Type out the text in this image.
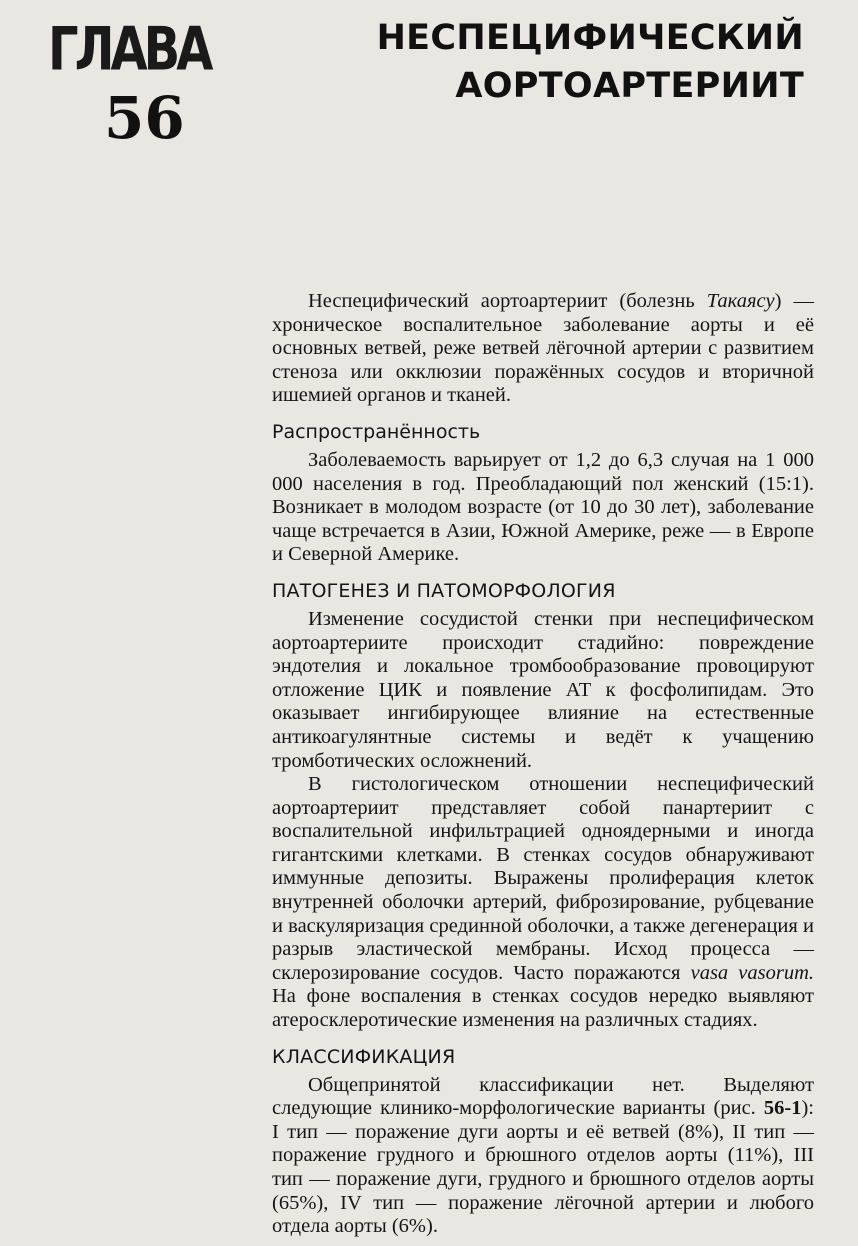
ГЛАВА
56
НЕСПЕЦИФИЧЕСКИЙ
АОРТОАРТЕРИИТ

Неспецифический аортоартериит (болезнь Такаясу) — хроническое воспалительное заболевание аорты и её основных ветвей, реже ветвей лёгочной артерии с развитием стеноза или окклюзии поражённых сосудов и вторичной ишемией органов и тканей.

Распространённость

Заболеваемость варьирует от 1,2 до 6,3 случая на 1 000 000 населения в год. Преобладающий пол женский (15:1). Возникает в молодом возрасте (от 10 до 30 лет), заболевание чаще встречается в Азии, Южной Америке, реже — в Европе и Северной Америке.

ПАТОГЕНЕЗ И ПАТОМОРФОЛОГИЯ

Изменение сосудистой стенки при неспецифическом аортоартериите происходит стадийно: повреждение эндотелия и локальное тромбообразование провоцируют отложение ЦИК и появление АТ к фосфолипидам. Это оказывает ингибирующее влияние на естественные антикоагулянтные системы и ведёт к учащению тромботических осложнений.

В гистологическом отношении неспецифический аортоартериит представляет собой панартериит с воспалительной инфильтрацией одноядерными и иногда гигантскими клетками. В стенках сосудов обнаруживают иммунные депозиты. Выражены пролиферация клеток внутренней оболочки артерий, фиброзирование, рубцевание и васкуляризация срединной оболочки, а также дегенерация и разрыв эластической мембраны. Исход процесса — склерозирование сосудов. Часто поражаются vasa vasorum. На фоне воспаления в стенках сосудов нередко выявляют атеросклеротические изменения на различных стадиях.

КЛАССИФИКАЦИЯ

Общепринятой классификации нет. Выделяют следующие клинико-морфологические варианты (рис. 56-1): I тип — поражение дуги аорты и её ветвей (8%), II тип — поражение грудного и брюшного отделов аорты (11%), III тип — поражение дуги, грудного и брюшного отделов аорты (65%), IV тип — поражение лёгочной артерии и любого отдела аорты (6%).
